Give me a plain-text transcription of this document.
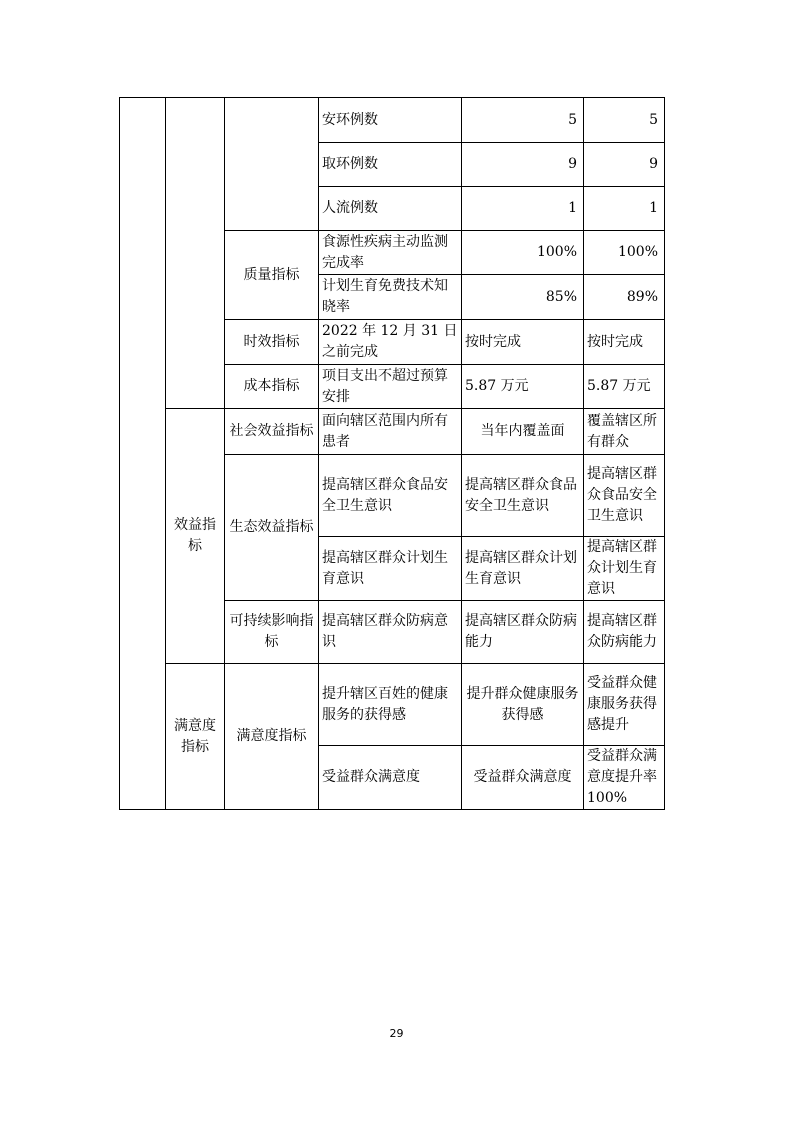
			安环例数	5	5
			取环例数	9	9
			人流例数	1	1
		质量指标	食源性疾病主动监测完成率	100%	100%
			计划生育免费技术知晓率	85%	89%
		时效指标	2022 年 12 月 31 日之前完成	按时完成	按时完成
		成本指标	项目支出不超过预算安排	5.87 万元	5.87 万元
	效益指标	社会效益指标	面向辖区范围内所有患者	当年内覆盖面	覆盖辖区所有群众
		生态效益指标	提高辖区群众食品安全卫生意识	提高辖区群众食品安全卫生意识	提高辖区群众食品安全卫生意识
			提高辖区群众计划生育意识	提高辖区群众计划生育意识	提高辖区群众计划生育意识
		可持续影响指标	提高辖区群众防病意识	提高辖区群众防病能力	提高辖区群众防病能力
	满意度指标	满意度指标	提升辖区百姓的健康服务的获得感	提升群众健康服务获得感	受益群众健康服务获得感提升
			受益群众满意度	受益群众满意度	受益群众满意度提升率 100%
29
